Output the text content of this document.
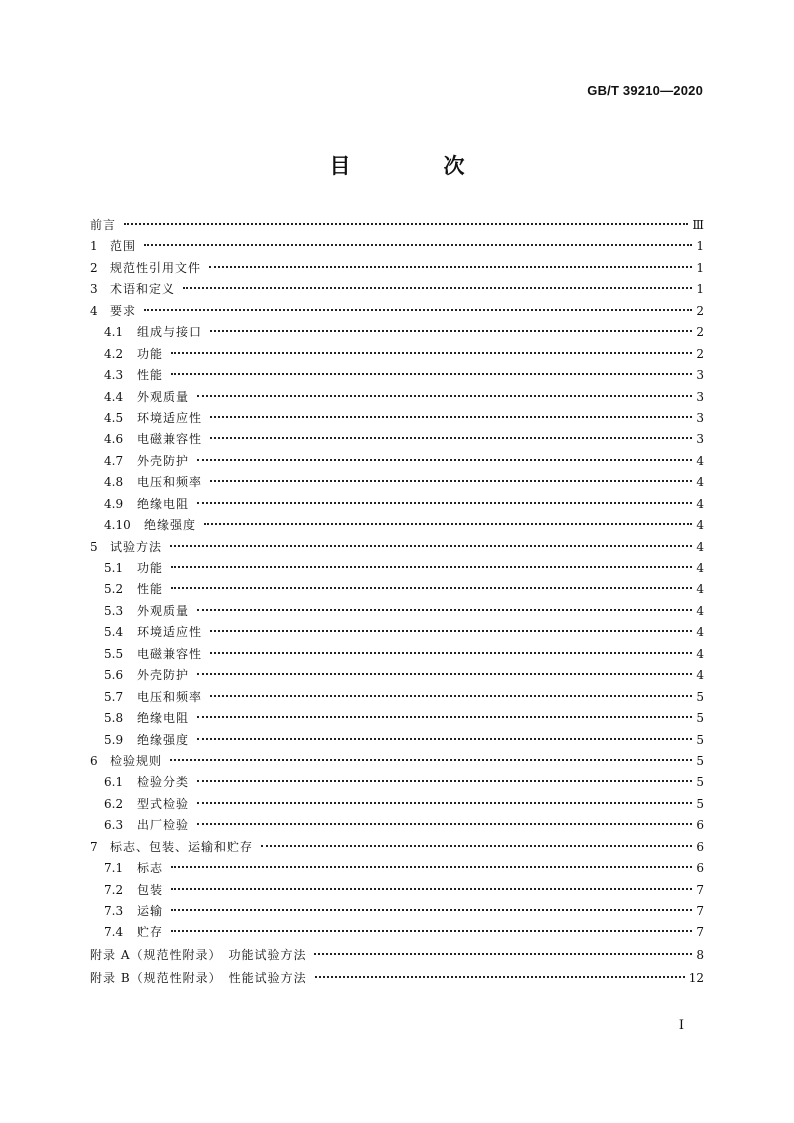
GB/T 39210—2020
目　次
前言	Ⅲ
1	范围	1
2	规范性引用文件	1
3	术语和定义	1
4	要求	2
4.1	组成与接口	2
4.2	功能	2
4.3	性能	3
4.4	外观质量	3
4.5	环境适应性	3
4.6	电磁兼容性	3
4.7	外壳防护	4
4.8	电压和频率	4
4.9	绝缘电阻	4
4.10	绝缘强度	4
5	试验方法	4
5.1	功能	4
5.2	性能	4
5.3	外观质量	4
5.4	环境适应性	4
5.5	电磁兼容性	4
5.6	外壳防护	4
5.7	电压和频率	5
5.8	绝缘电阻	5
5.9	绝缘强度	5
6	检验规则	5
6.1	检验分类	5
6.2	型式检验	5
6.3	出厂检验	6
7	标志、包装、运输和贮存	6
7.1	标志	6
7.2	包装	7
7.3	运输	7
7.4	贮存	7
附录 A（规范性附录）　功能试验方法	8
附录 B（规范性附录）　性能试验方法	12
I
